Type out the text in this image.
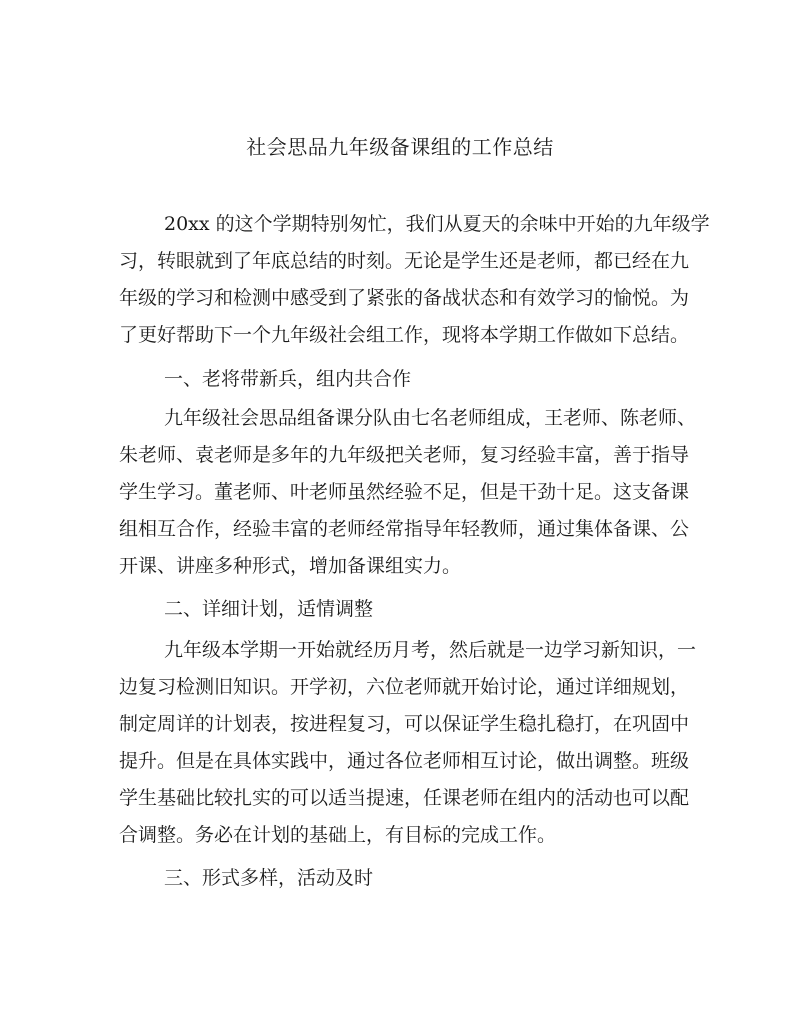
社会思品九年级备课组的工作总结
20xx 的这个学期特别匆忙，我们从夏天的余味中开始的九年级学
习，转眼就到了年底总结的时刻。无论是学生还是老师，都已经在九
年级的学习和检测中感受到了紧张的备战状态和有效学习的愉悦。为
了更好帮助下一个九年级社会组工作，现将本学期工作做如下总结。
一、老将带新兵，组内共合作
九年级社会思品组备课分队由七名老师组成，王老师、陈老师、
朱老师、袁老师是多年的九年级把关老师，复习经验丰富，善于指导
学生学习。董老师、叶老师虽然经验不足，但是干劲十足。这支备课
组相互合作，经验丰富的老师经常指导年轻教师，通过集体备课、公
开课、讲座多种形式，增加备课组实力。
二、详细计划，适情调整
九年级本学期一开始就经历月考，然后就是一边学习新知识，一
边复习检测旧知识。开学初，六位老师就开始讨论，通过详细规划，
制定周详的计划表，按进程复习，可以保证学生稳扎稳打，在巩固中
提升。但是在具体实践中，通过各位老师相互讨论，做出调整。班级
学生基础比较扎实的可以适当提速，任课老师在组内的活动也可以配
合调整。务必在计划的基础上，有目标的完成工作。
三、形式多样，活动及时
